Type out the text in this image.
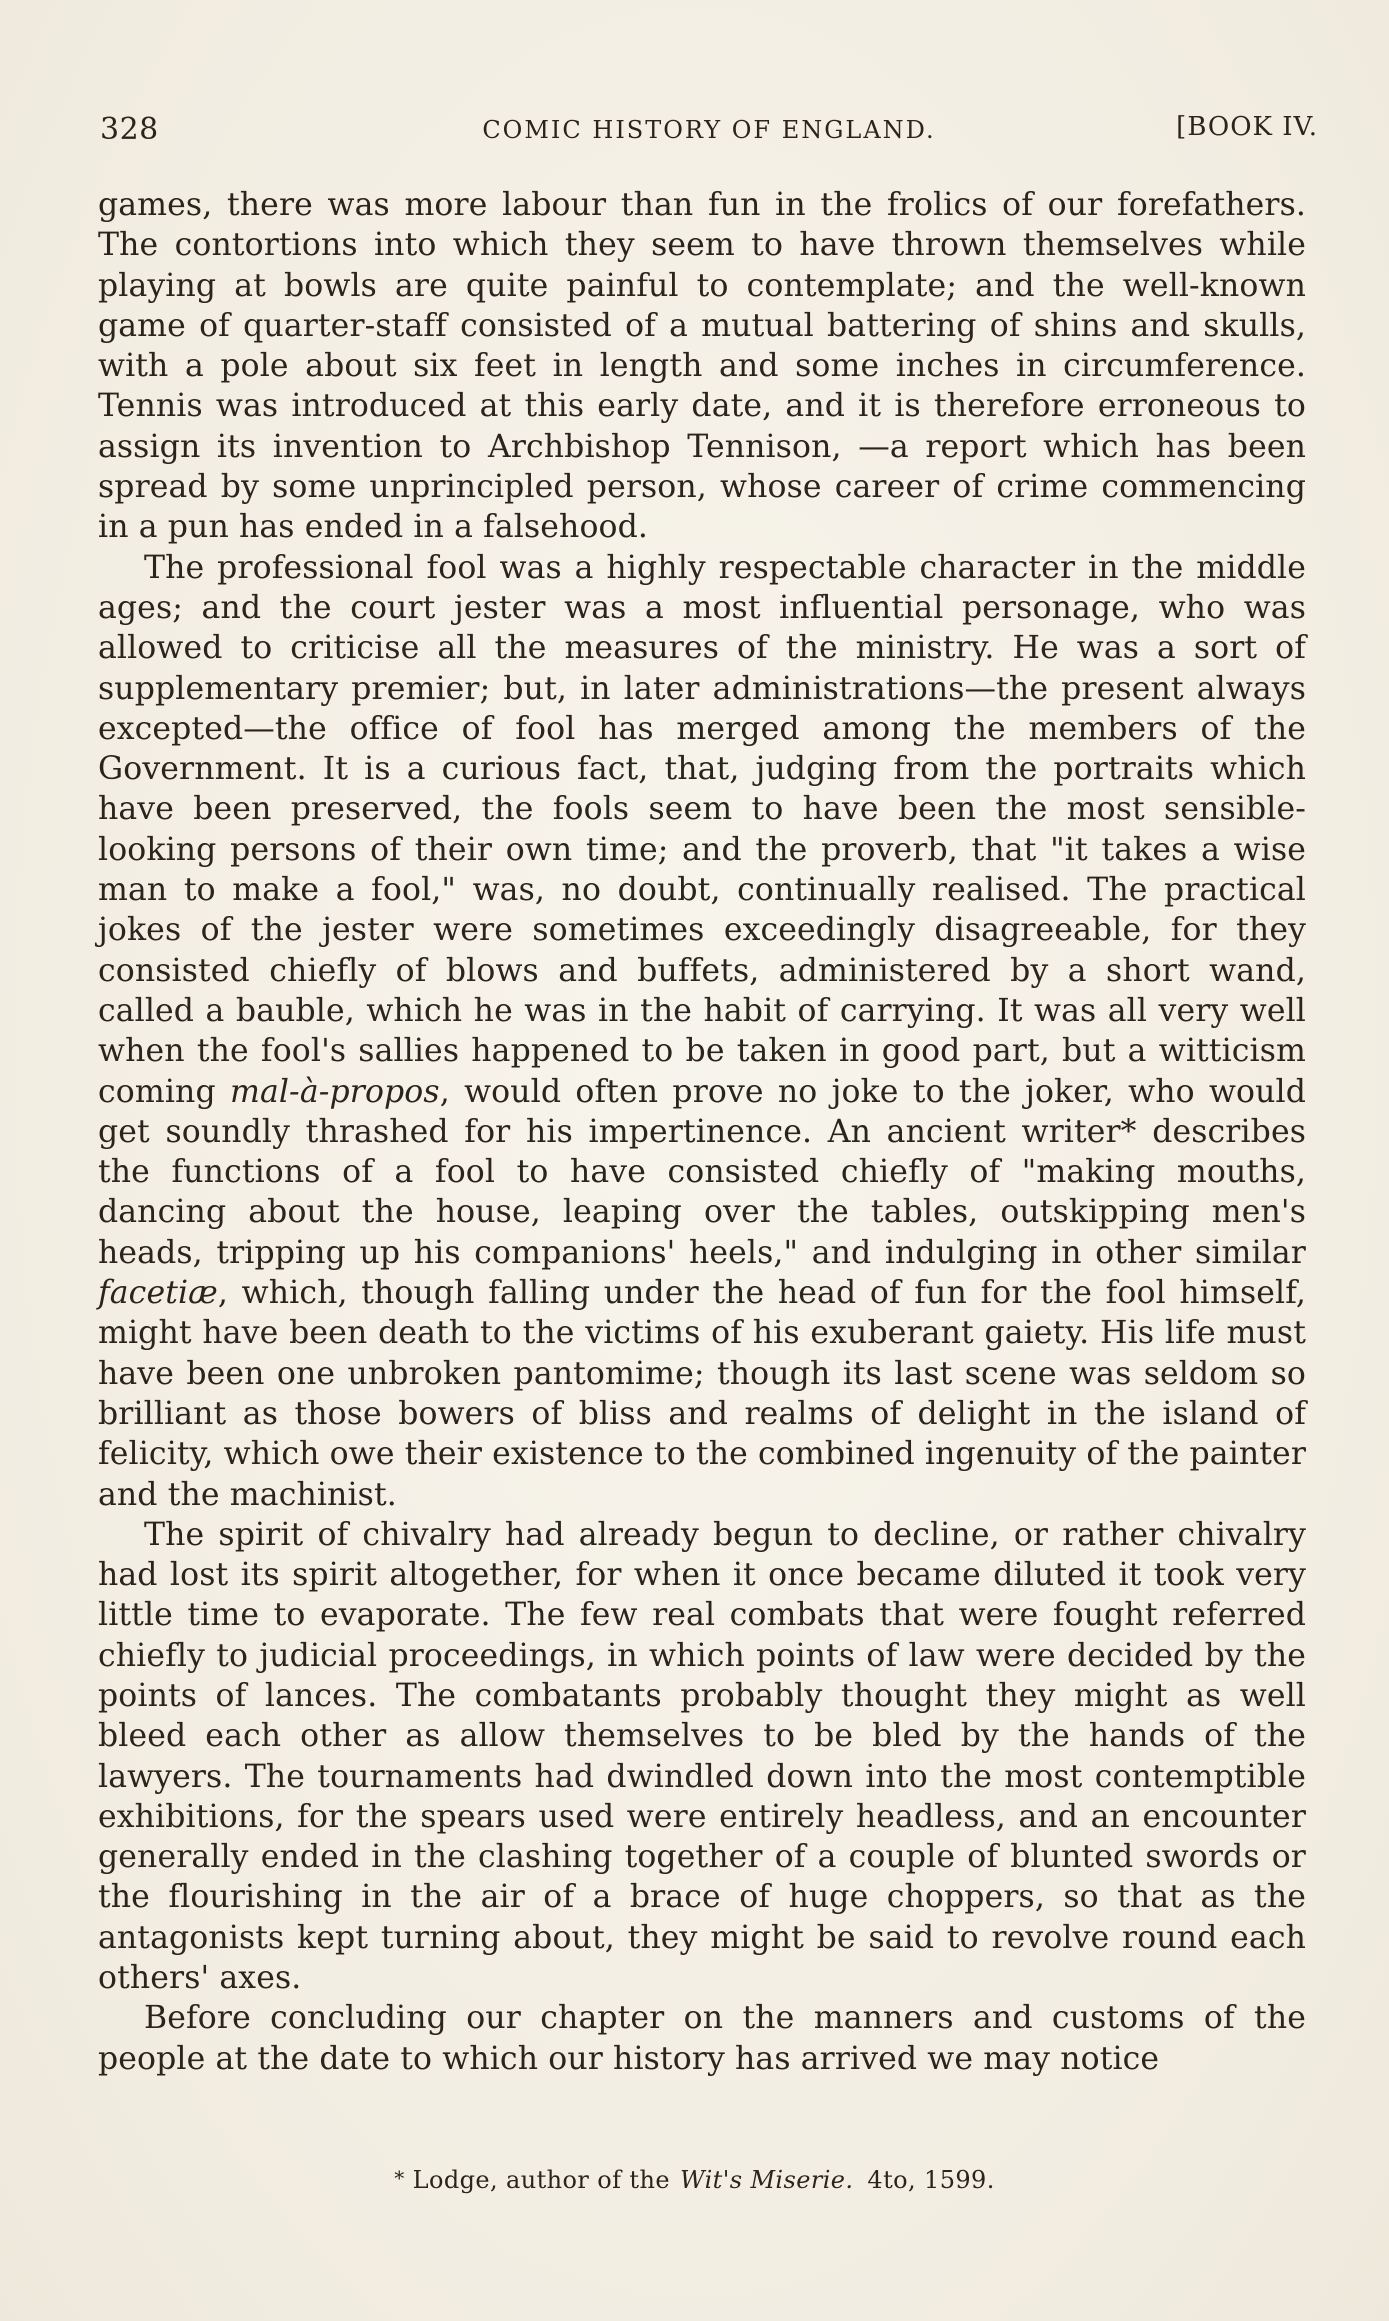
328	COMIC HISTORY OF ENGLAND.	[BOOK IV.

games, there was more labour than fun in the frolics of our forefathers. The contortions into which they seem to have thrown themselves while playing at bowls are quite painful to contemplate; and the well-known game of quarter-staff consisted of a mutual battering of shins and skulls, with a pole about six feet in length and some inches in circumference. Tennis was introduced at this early date, and it is therefore erroneous to assign its invention to Archbishop Tennison, —a report which has been spread by some unprincipled person, whose career of crime commencing in a pun has ended in a falsehood.

The professional fool was a highly respectable character in the middle ages; and the court jester was a most influential personage, who was allowed to criticise all the measures of the ministry. He was a sort of supplementary premier; but, in later administrations—the present always excepted—the office of fool has merged among the members of the Government. It is a curious fact, that, judging from the portraits which have been preserved, the fools seem to have been the most sensible-looking persons of their own time; and the proverb, that "it takes a wise man to make a fool," was, no doubt, continually realised. The practical jokes of the jester were sometimes exceedingly disagreeable, for they consisted chiefly of blows and buffets, administered by a short wand, called a bauble, which he was in the habit of carrying. It was all very well when the fool's sallies happened to be taken in good part, but a witticism coming mal-à-propos, would often prove no joke to the joker, who would get soundly thrashed for his impertinence. An ancient writer* describes the functions of a fool to have consisted chiefly of "making mouths, dancing about the house, leaping over the tables, outskipping men's heads, tripping up his companions' heels," and indulging in other similar facetiæ, which, though falling under the head of fun for the fool himself, might have been death to the victims of his exuberant gaiety. His life must have been one unbroken pantomime; though its last scene was seldom so brilliant as those bowers of bliss and realms of delight in the island of felicity, which owe their existence to the combined ingenuity of the painter and the machinist.

The spirit of chivalry had already begun to decline, or rather chivalry had lost its spirit altogether, for when it once became diluted it took very little time to evaporate. The few real combats that were fought referred chiefly to judicial proceedings, in which points of law were decided by the points of lances. The combatants probably thought they might as well bleed each other as allow themselves to be bled by the hands of the lawyers. The tournaments had dwindled down into the most contemptible exhibitions, for the spears used were entirely headless, and an encounter generally ended in the clashing together of a couple of blunted swords or the flourishing in the air of a brace of huge choppers, so that as the antagonists kept turning about, they might be said to revolve round each others' axes.

Before concluding our chapter on the manners and customs of the people at the date to which our history has arrived we may notice

* Lodge, author of the Wit's Miserie. 4to, 1599.
